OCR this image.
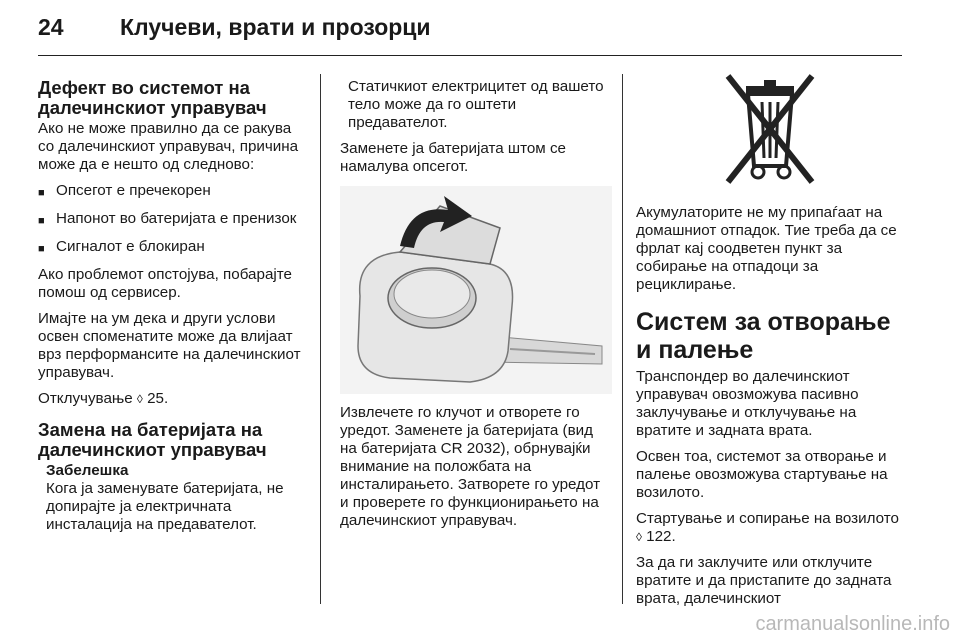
24	Клучеви, врати и прозорци
Дефект во системот на далечинскиот управувач

Ако не може правилно да се ракува со далечинскиот управувач, причина може да е нешто од следново:

■ Опсегот е пречекорен
■ Напонот во батеријата е пренизок
■ Сигналот е блокиран

Ако проблемот опстојува, побарајте помош од сервисер.

Имајте на ум дека и други услови освен споменатите може да влијаат врз перформансите на далечинскиот управувач.

Отклучување ◊ 25.

Замена на батеријата на далечинскиот управувач

Забелешка

Кога ја заменувате батеријата, не допирајте ја електричната инсталација на предавателот.

Статичкиот електрицитет од вашето тело може да го оштети предавателот.

Заменете ја батеријата штом се намалува опсегот.

Извлечете го клучот и отворете го уредот. Заменете ја батеријата (вид на батеријата CR 2032), обрнувајќи внимание на положбата на инсталирањето. Затворете го уредот и проверете го функционирањето на далечинскиот управувач.

Акумулаторите не му припаѓаат на домашниот отпадок. Тие треба да се фрлат кај соодветен пункт за собирање на отпадоци за рециклирање.

Систем за отворање и палење

Транспондер во далечинскиот управувач овозможува пасивно заклучување и отклучување на вратите и задната врата.

Освен тоа, системот за отворање и палење овозможува стартување на возилото.

Стартување и сопирање на возилото ◊ 122.

За да ги заклучите или отклучите вратите и да пристапите до задната врата, далечинскиот

carmanualsonline.info
